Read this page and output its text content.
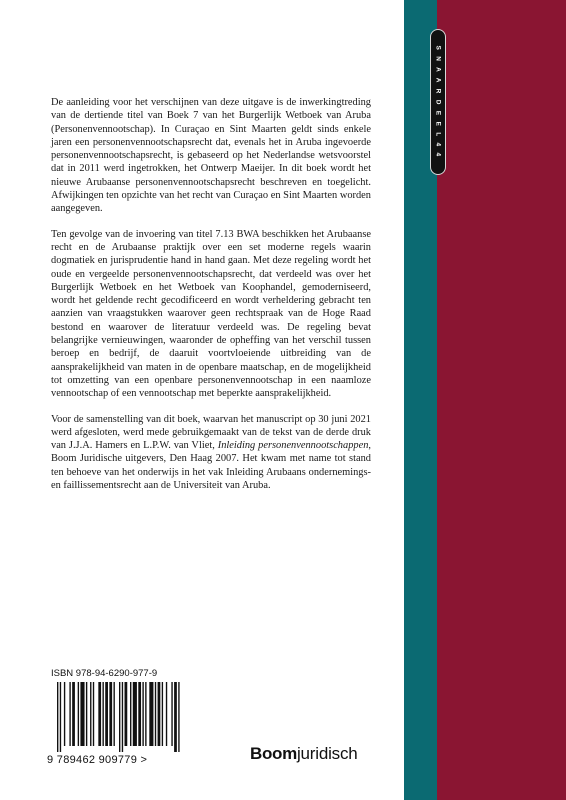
S N A A R D E E L 4 4

De aanleiding voor het verschijnen van deze uitgave is de inwerkingtreding van de dertiende titel van Boek 7 van het Burgerlijk Wetboek van Aruba (Personenvennootschap). In Curaçao en Sint Maarten geldt sinds enkele jaren een personenvennootschapsrecht dat, evenals het in Aruba ingevoerde personenvennootschapsrecht, is gebaseerd op het Nederlandse wetsvoorstel dat in 2011 werd ingetrokken, het Ontwerp Maeijer. In dit boek wordt het nieuwe Arubaanse personenvennootschapsrecht beschreven en toegelicht. Afwijkingen ten opzichte van het recht van Curaçao en Sint Maarten worden aangegeven.

Ten gevolge van de invoering van titel 7.13 BWA beschikken het Arubaanse recht en de Arubaanse praktijk over een set moderne regels waarin dogmatiek en jurisprudentie hand in hand gaan. Met deze regeling wordt het oude en vergeelde personenvennootschapsrecht, dat verdeeld was over het Burgerlijk Wetboek en het Wetboek van Koophandel, gemoderniseerd, wordt het geldende recht gecodificeerd en wordt verheldering gebracht ten aanzien van vraagstukken waarover geen rechtspraak van de Hoge Raad bestond en waarover de literatuur verdeeld was. De regeling bevat belangrijke vernieuwingen, waaronder de opheffing van het verschil tussen beroep en bedrijf, de daaruit voortvloeiende uitbreiding van de aansprakelijkheid van maten in de openbare maatschap, en de mogelijkheid tot omzetting van een openbare personenvennootschap in een naamloze vennootschap of een vennootschap met beperkte aansprakelijkheid.

Voor de samenstelling van dit boek, waarvan het manuscript op 30 juni 2021 werd afgesloten, werd mede gebruikgemaakt van de tekst van de derde druk van J.J.A. Hamers en L.P.W. van Vliet, Inleiding personenvennootschappen, Boom Juridische uitgevers, Den Haag 2007. Het kwam met name tot stand ten behoeve van het onderwijs in het vak Inleiding Arubaans ondernemings- en faillissementsrecht aan de Universiteit van Aruba.

ISBN 978-94-6290-977-9
9 789462 909779 >	Boomjuridisch
